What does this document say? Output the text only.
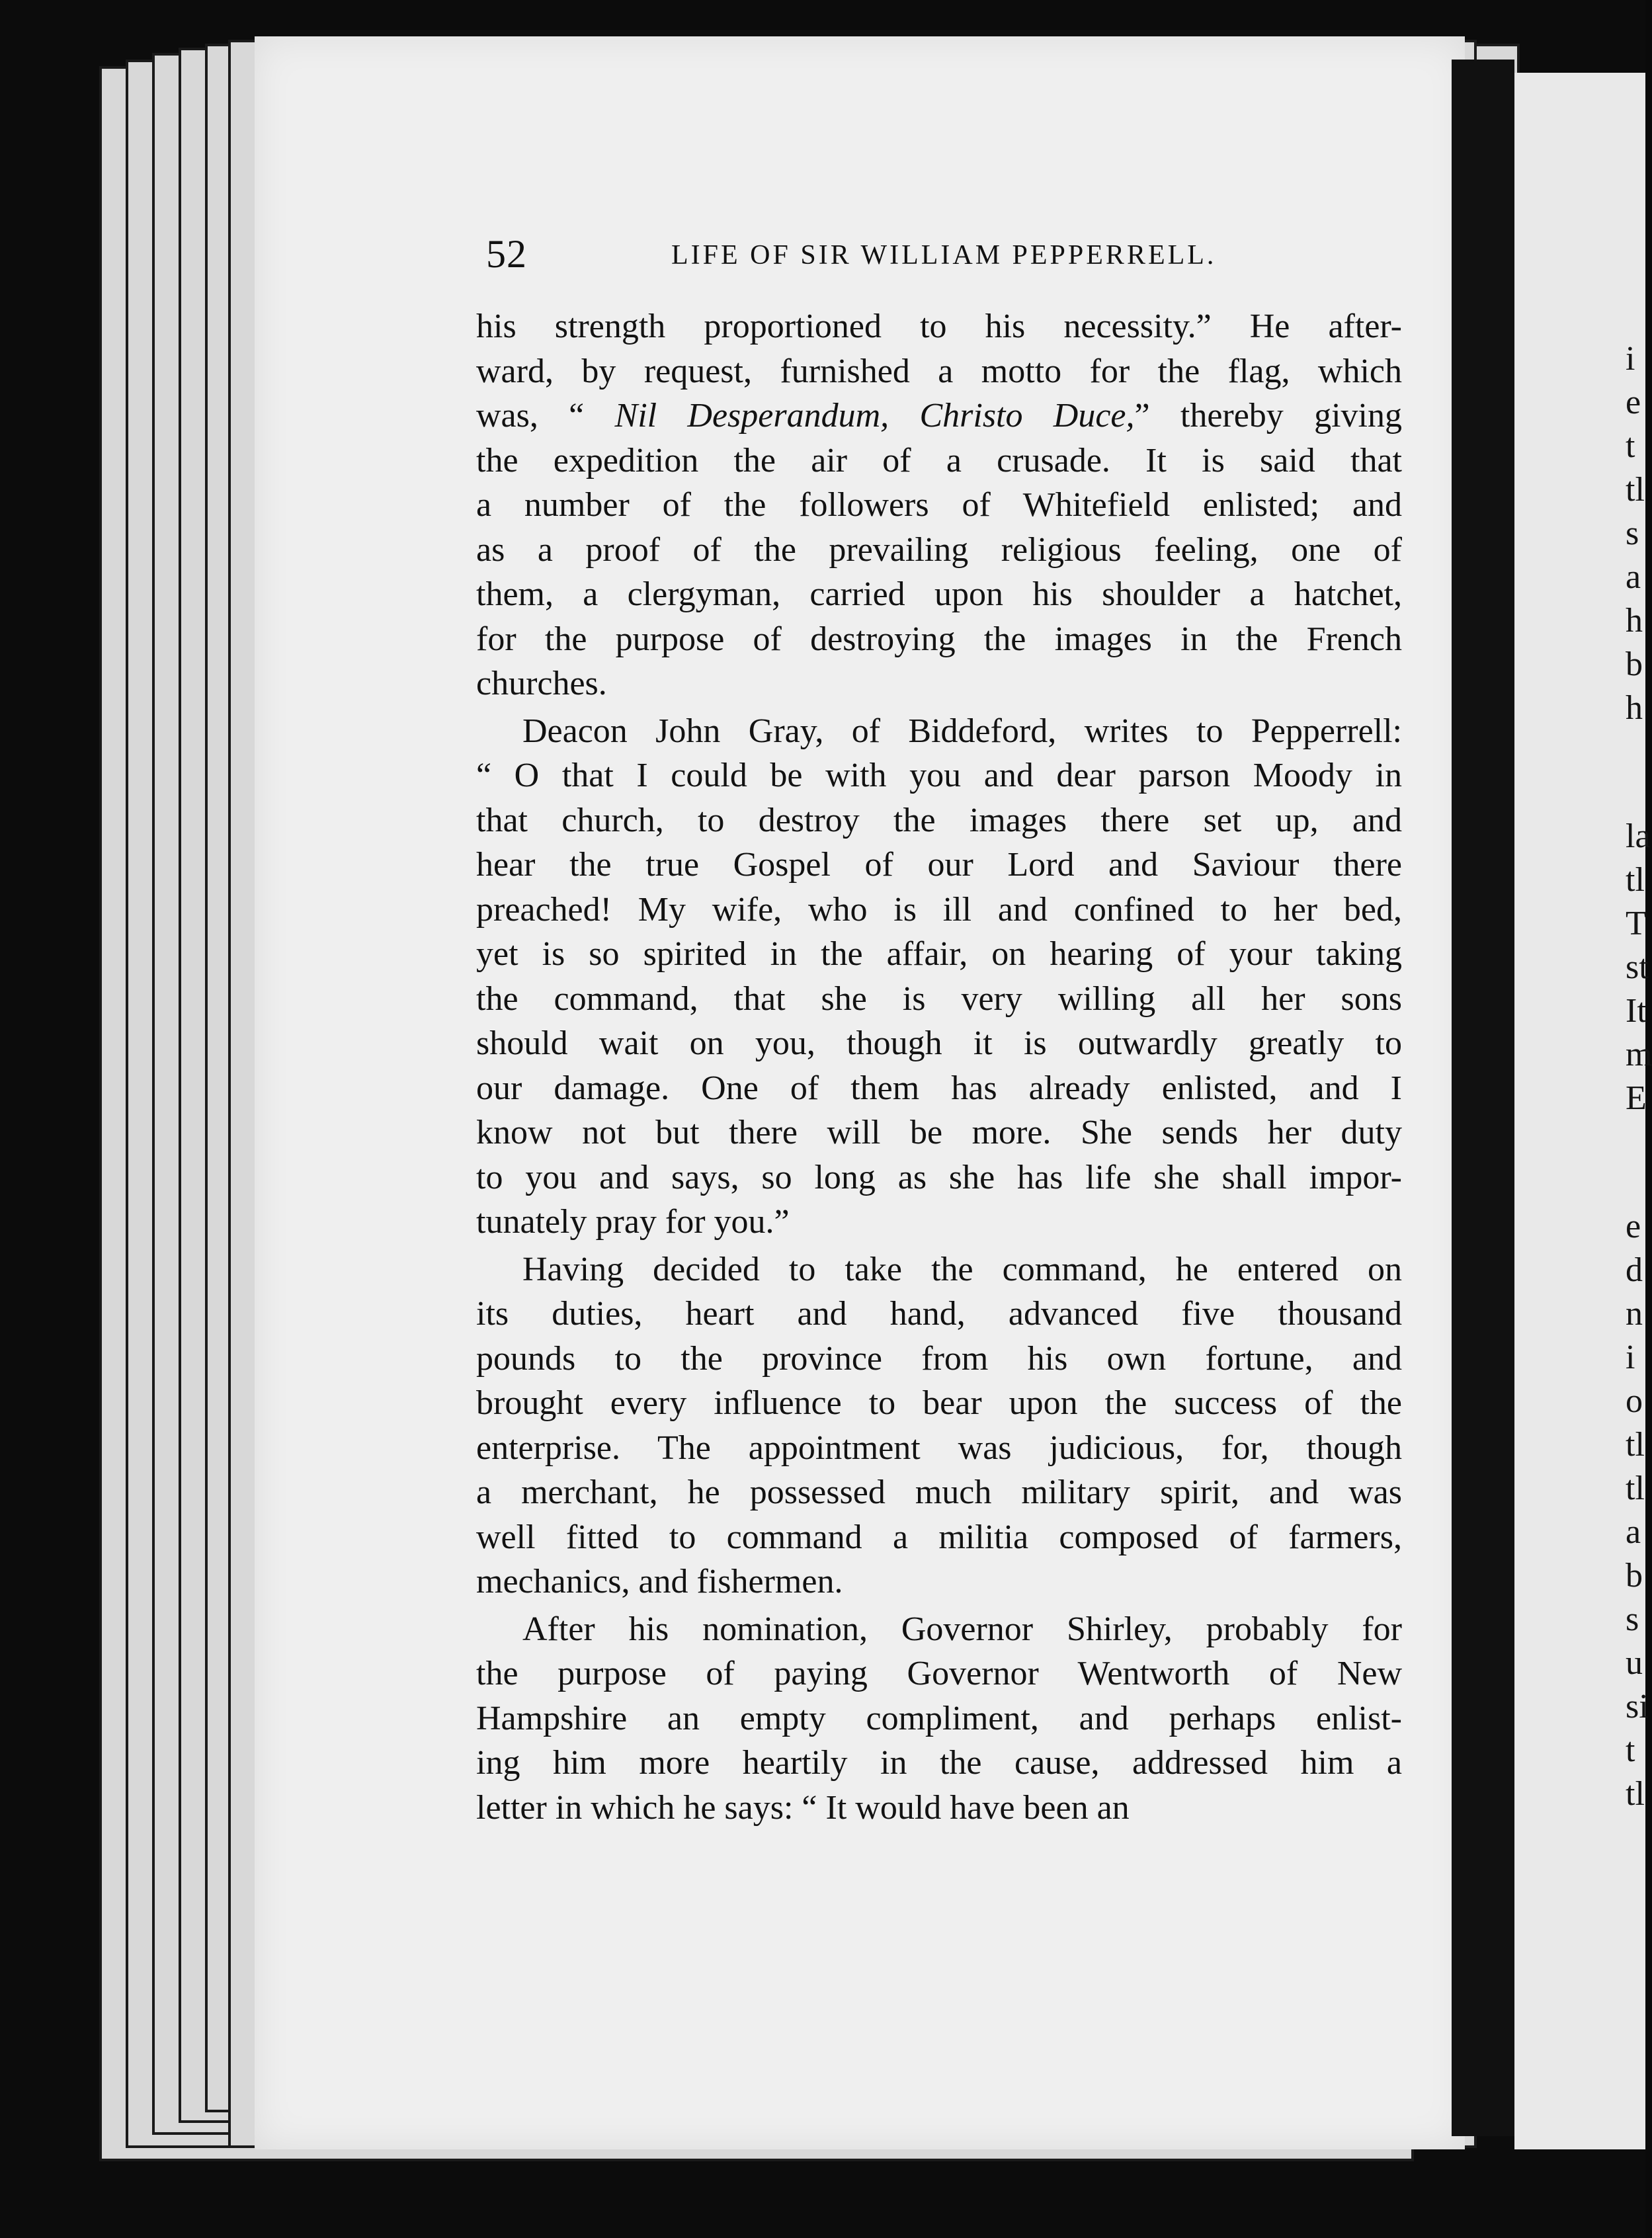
52	LIFE OF SIR WILLIAM PEPPERRELL.
his strength proportioned to his necessity.” He after-
ward, by request, furnished a motto for the flag, which
was, “ Nil Desperandum, Christo Duce,” thereby giving
the expedition the air of a crusade. It is said that
a number of the followers of Whitefield enlisted; and
as a proof of the prevailing religious feeling, one of
them, a clergyman, carried upon his shoulder a hatchet,
for the purpose of destroying the images in the French
churches.
Deacon John Gray, of Biddeford, writes to Pepperrell:
“ O that I could be with you and dear parson Moody in
that church, to destroy the images there set up, and
hear the true Gospel of our Lord and Saviour there
preached! My wife, who is ill and confined to her bed,
yet is so spirited in the affair, on hearing of your taking
the command, that she is very willing all her sons
should wait on you, though it is outwardly greatly to
our damage. One of them has already enlisted, and I
know not but there will be more. She sends her duty
to you and says, so long as she has life she shall impor-
tunately pray for you.”
Having decided to take the command, he entered on
its duties, heart and hand, advanced five thousand
pounds to the province from his own fortune, and
brought every influence to bear upon the success of the
enterprise. The appointment was judicious, for, though
a merchant, he possessed much military spirit, and was
well fitted to command a militia composed of farmers,
mechanics, and fishermen.
After his nomination, Governor Shirley, probably for
the purpose of paying Governor Wentworth of New
Hampshire an empty compliment, and perhaps enlist-
ing him more heartily in the cause, addressed him a
letter in which he says: “ It would have been an
i
e
t
tl
s
a
h
b
h
la
tl
T
st
It
m
E
e
d
n
i
o
tl
tl
a
b
s
u
si
t
tl
